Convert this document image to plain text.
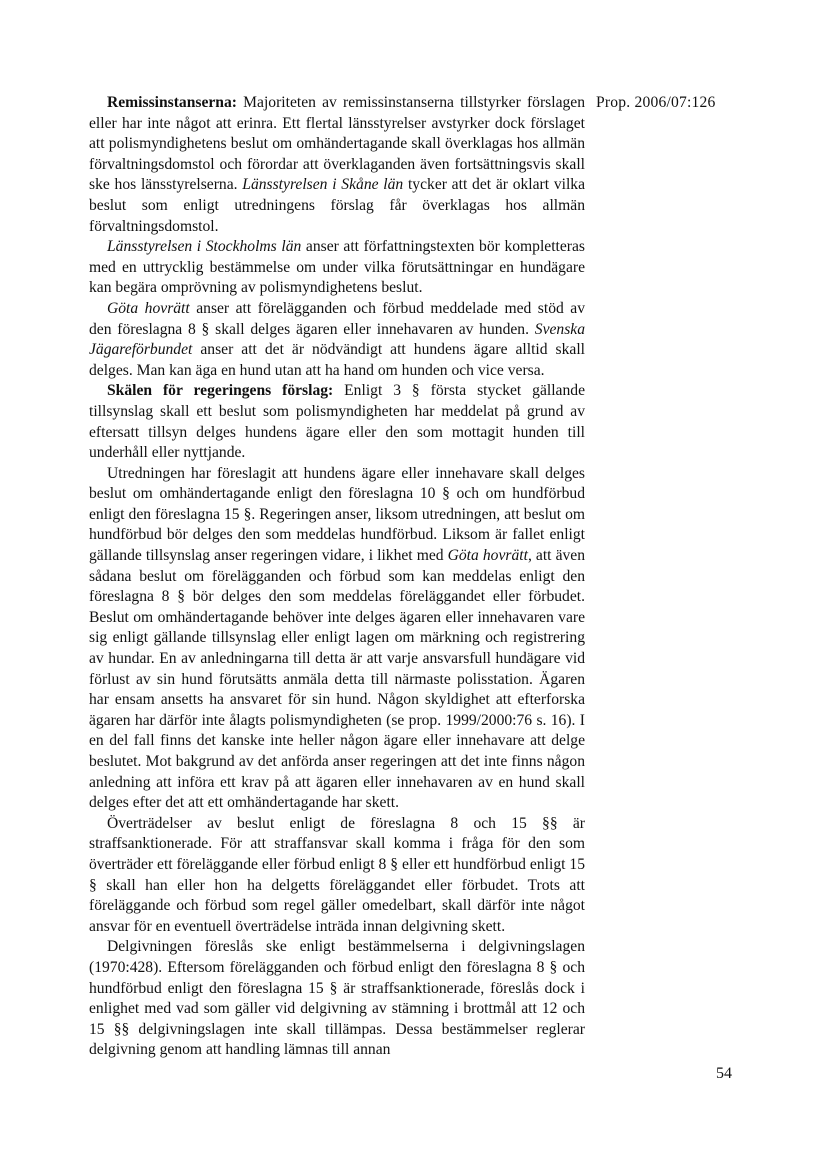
Remissinstanserna: Majoriteten av remissinstanserna tillstyrker förslagen eller har inte något att erinra. Ett flertal länsstyrelser avstyrker dock förslaget att polismyndighetens beslut om omhändertagande skall överklagas hos allmän förvaltningsdomstol och förordar att överklaganden även fortsättningsvis skall ske hos länsstyrelserna. Länsstyrelsen i Skåne län tycker att det är oklart vilka beslut som enligt utredningens förslag får överklagas hos allmän förvaltningsdomstol.

Länsstyrelsen i Stockholms län anser att författningstexten bör kompletteras med en uttrycklig bestämmelse om under vilka förutsättningar en hundägare kan begära omprövning av polismyndighetens beslut.

Göta hovrätt anser att förelägganden och förbud meddelade med stöd av den föreslagna 8 § skall delges ägaren eller innehavaren av hunden. Svenska Jägareförbundet anser att det är nödvändigt att hundens ägare alltid skall delges. Man kan äga en hund utan att ha hand om hunden och vice versa.

Skälen för regeringens förslag: Enligt 3 § första stycket gällande tillsynslag skall ett beslut som polismyndigheten har meddelat på grund av eftersatt tillsyn delges hundens ägare eller den som mottagit hunden till underhåll eller nyttjande.

Utredningen har föreslagit att hundens ägare eller innehavare skall delges beslut om omhändertagande enligt den föreslagna 10 § och om hundförbud enligt den föreslagna 15 §. Regeringen anser, liksom utredningen, att beslut om hundförbud bör delges den som meddelas hundförbud. Liksom är fallet enligt gällande tillsynslag anser regeringen vidare, i likhet med Göta hovrätt, att även sådana beslut om förelägganden och förbud som kan meddelas enligt den föreslagna 8 § bör delges den som meddelas föreläggandet eller förbudet. Beslut om omhändertagande behöver inte delges ägaren eller innehavaren vare sig enligt gällande tillsynslag eller enligt lagen om märkning och registrering av hundar. En av anledningarna till detta är att varje ansvarsfull hundägare vid förlust av sin hund förutsätts anmäla detta till närmaste polisstation. Ägaren har ensam ansetts ha ansvaret för sin hund. Någon skyldighet att efterforska ägaren har därför inte ålagts polismyndigheten (se prop. 1999/2000:76 s. 16). I en del fall finns det kanske inte heller någon ägare eller innehavare att delge beslutet. Mot bakgrund av det anförda anser regeringen att det inte finns någon anledning att införa ett krav på att ägaren eller innehavaren av en hund skall delges efter det att ett omhändertagande har skett.

Överträdelser av beslut enligt de föreslagna 8 och 15 §§ är straffsanktionerade. För att straffansvar skall komma i fråga för den som överträder ett föreläggande eller förbud enligt 8 § eller ett hundförbud enligt 15 § skall han eller hon ha delgetts föreläggandet eller förbudet. Trots att föreläggande och förbud som regel gäller omedelbart, skall därför inte något ansvar för en eventuell överträdelse inträda innan delgivning skett.

Delgivningen föreslås ske enligt bestämmelserna i delgivningslagen (1970:428). Eftersom förelägganden och förbud enligt den föreslagna 8 § och hundförbud enligt den föreslagna 15 § är straffsanktionerade, föreslås dock i enlighet med vad som gäller vid delgivning av stämning i brottmål att 12 och 15 §§ delgivningslagen inte skall tillämpas. Dessa bestämmelser reglerar delgivning genom att handling lämnas till annan

Prop. 2006/07:126
54
